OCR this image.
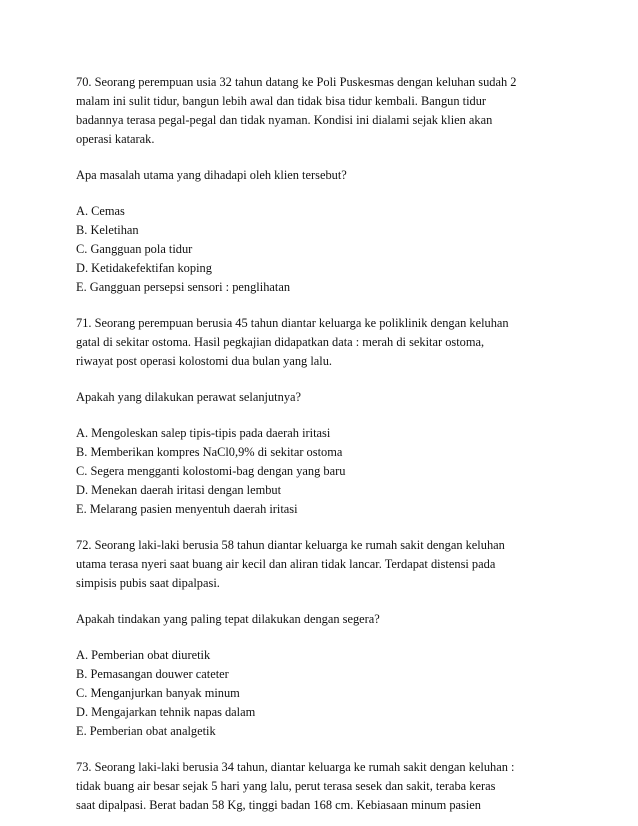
70. Seorang perempuan usia 32 tahun datang ke Poli Puskesmas dengan keluhan sudah 2

malam ini sulit tidur, bangun lebih awal dan tidak bisa tidur kembali. Bangun tidur

badannya terasa pegal-pegal dan tidak nyaman. Kondisi ini dialami sejak klien akan

operasi katarak.

Apa masalah utama yang dihadapi oleh klien tersebut?

A. Cemas

B. Keletihan

C. Gangguan pola tidur

D. Ketidakefektifan koping

E. Gangguan persepsi sensori : penglihatan

71. Seorang perempuan berusia 45 tahun diantar keluarga ke poliklinik dengan keluhan

gatal di sekitar ostoma. Hasil pegkajian didapatkan data : merah di sekitar ostoma,

riwayat post operasi kolostomi dua bulan yang lalu.

Apakah yang dilakukan perawat selanjutnya?

A. Mengoleskan salep tipis-tipis pada daerah iritasi

B. Memberikan kompres NaCl0,9% di sekitar ostoma

C. Segera mengganti kolostomi-bag dengan yang baru

D. Menekan daerah iritasi dengan lembut

E. Melarang pasien menyentuh daerah iritasi

72. Seorang laki-laki berusia 58 tahun diantar keluarga ke rumah sakit dengan keluhan

utama terasa nyeri saat buang air kecil dan aliran tidak lancar. Terdapat distensi pada

simpisis pubis saat dipalpasi.

Apakah tindakan yang paling tepat dilakukan dengan segera?

A. Pemberian obat diuretik

B. Pemasangan douwer cateter

C. Menganjurkan banyak minum

D. Mengajarkan tehnik napas dalam

E. Pemberian obat analgetik

73. Seorang laki-laki berusia 34 tahun, diantar keluarga ke rumah sakit dengan keluhan :

tidak buang air besar sejak 5 hari yang lalu, perut terasa sesek dan sakit, teraba keras

saat dipalpasi. Berat badan 58 Kg, tinggi badan 168 cm. Kebiasaan minum pasien
